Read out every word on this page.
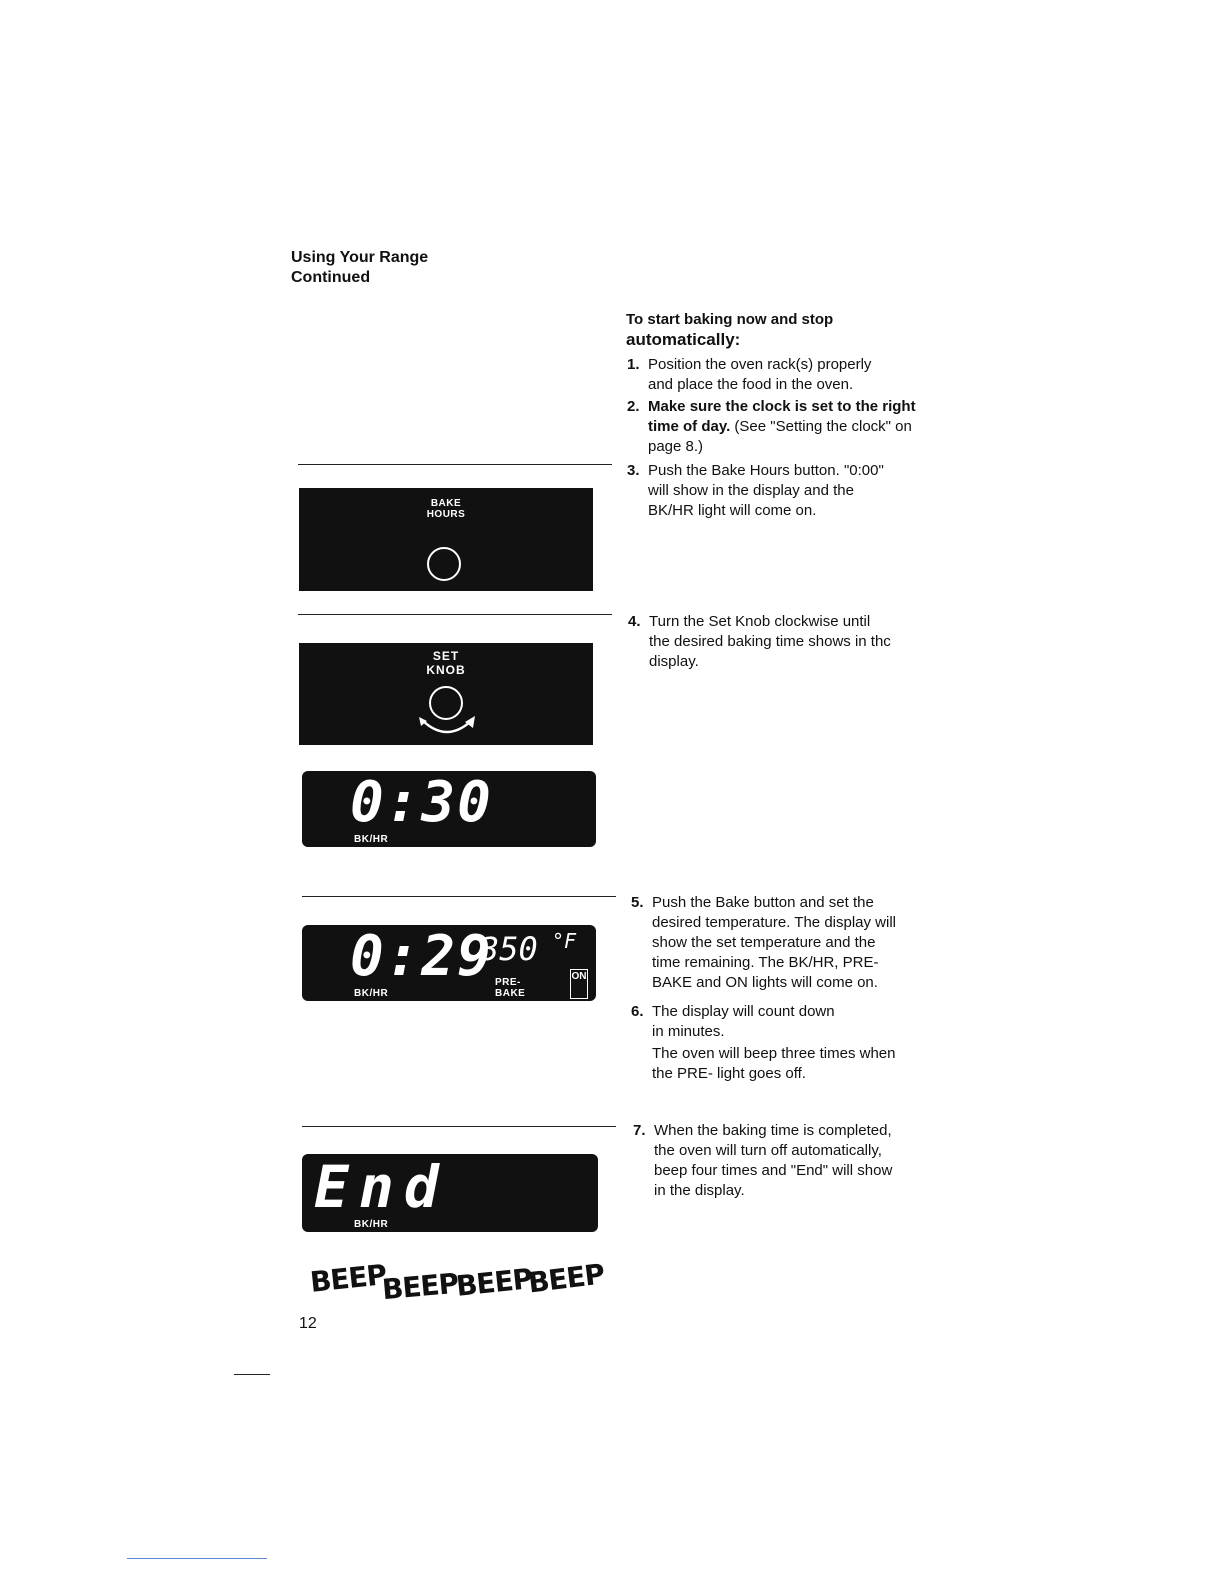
Using Your Range
Continued
To start baking now and stop
automatically:
1. Position the oven rack(s) properly
and place the food in the oven.
2. Make sure the clock is set to the right time of day. (See "Setting the clock" on page 8.)
3. Push the Bake Hours button. "0:00"
will show in the display and the
BK/HR light will come on.
4. Turn the Set Knob clockwise until
the desired baking time shows in thc
display.
5. Push the Bake button and set the
desired temperature. The display will
show the set temperature and the
time remaining. The BK/HR, PRE-
BAKE and ON lights will come on.
6. The display will count down
in minutes.
The oven will beep three times when
the PRE- light goes off.
7. When the baking time is completed,
the oven will turn off automatically,
beep four times and "End" will show
in the display.
BAKE
HOURS
SET
KNOB
0:30
BK/HR
0:29
350 °F
BK/HR
PRE-
BAKE
ON
End
BK/HR
BEEP
BEEP
BEEP
BEEP
12
